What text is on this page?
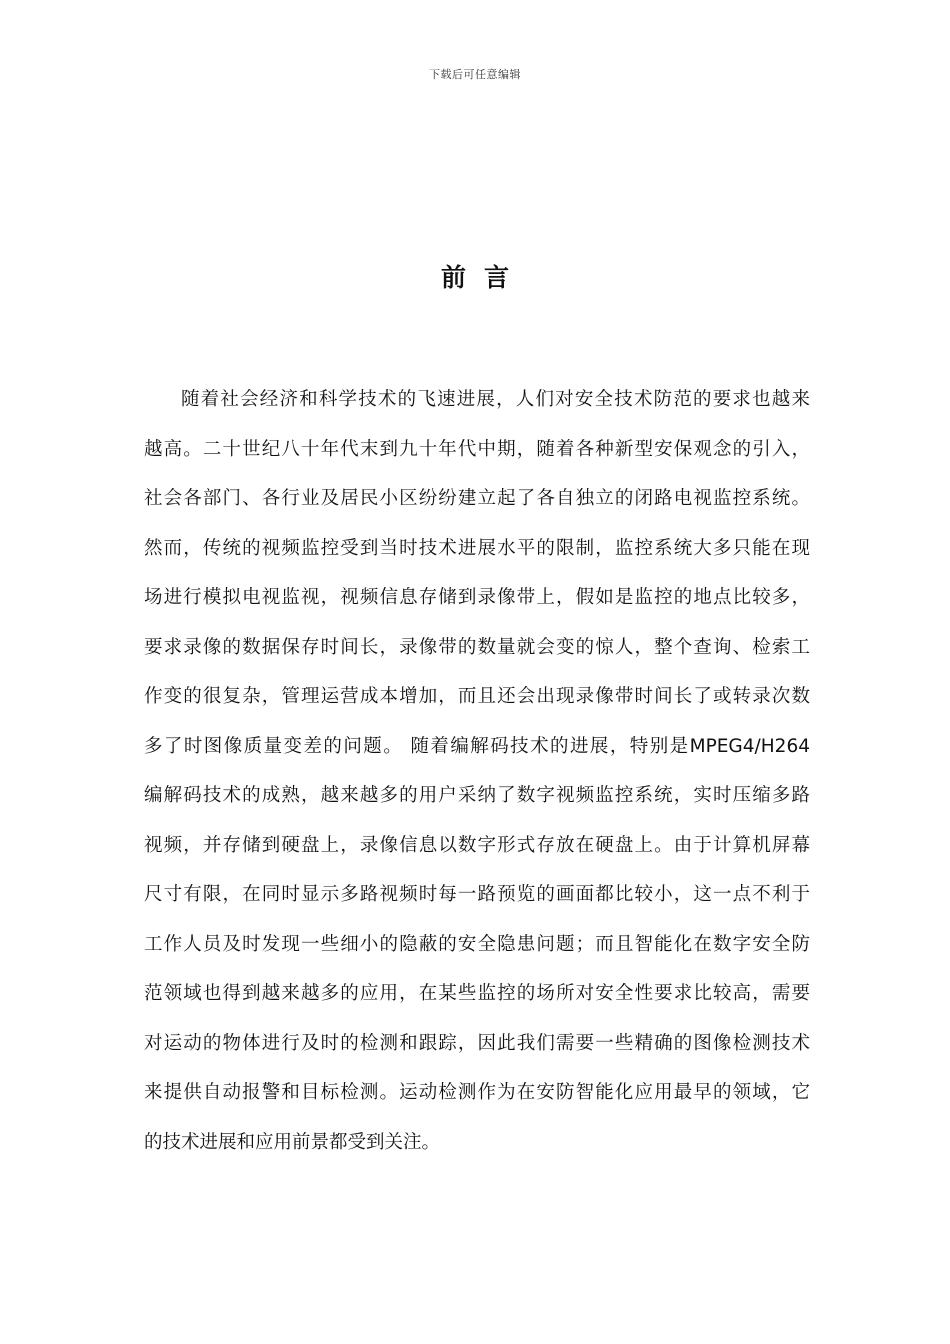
下载后可任意编辑
前言
随着社会经济和科学技术的飞速进展，人们对安全技术防范的要求也越来
越高。二十世纪八十年代末到九十年代中期，随着各种新型安保观念的引入，
社会各部门、各行业及居民小区纷纷建立起了各自独立的闭路电视监控系统。
然而，传统的视频监控受到当时技术进展水平的限制，监控系统大多只能在现
场进行模拟电视监视，视频信息存储到录像带上，假如是监控的地点比较多，
要求录像的数据保存时间长，录像带的数量就会变的惊人，整个查询、检索工
作变的很复杂，管理运营成本增加，而且还会出现录像带时间长了或转录次数
多了时图像质量变差的问题。 随着编解码技术的进展，特别是MPEG4/H264
编解码技术的成熟，越来越多的用户采纳了数字视频监控系统，实时压缩多路
视频，并存储到硬盘上，录像信息以数字形式存放在硬盘上。由于计算机屏幕
尺寸有限，在同时显示多路视频时每一路预览的画面都比较小，这一点不利于
工作人员及时发现一些细小的隐蔽的安全隐患问题；而且智能化在数字安全防
范领域也得到越来越多的应用，在某些监控的场所对安全性要求比较高，需要
对运动的物体进行及时的检测和跟踪，因此我们需要一些精确的图像检测技术
来提供自动报警和目标检测。运动检测作为在安防智能化应用最早的领域，它
的技术进展和应用前景都受到关注。
